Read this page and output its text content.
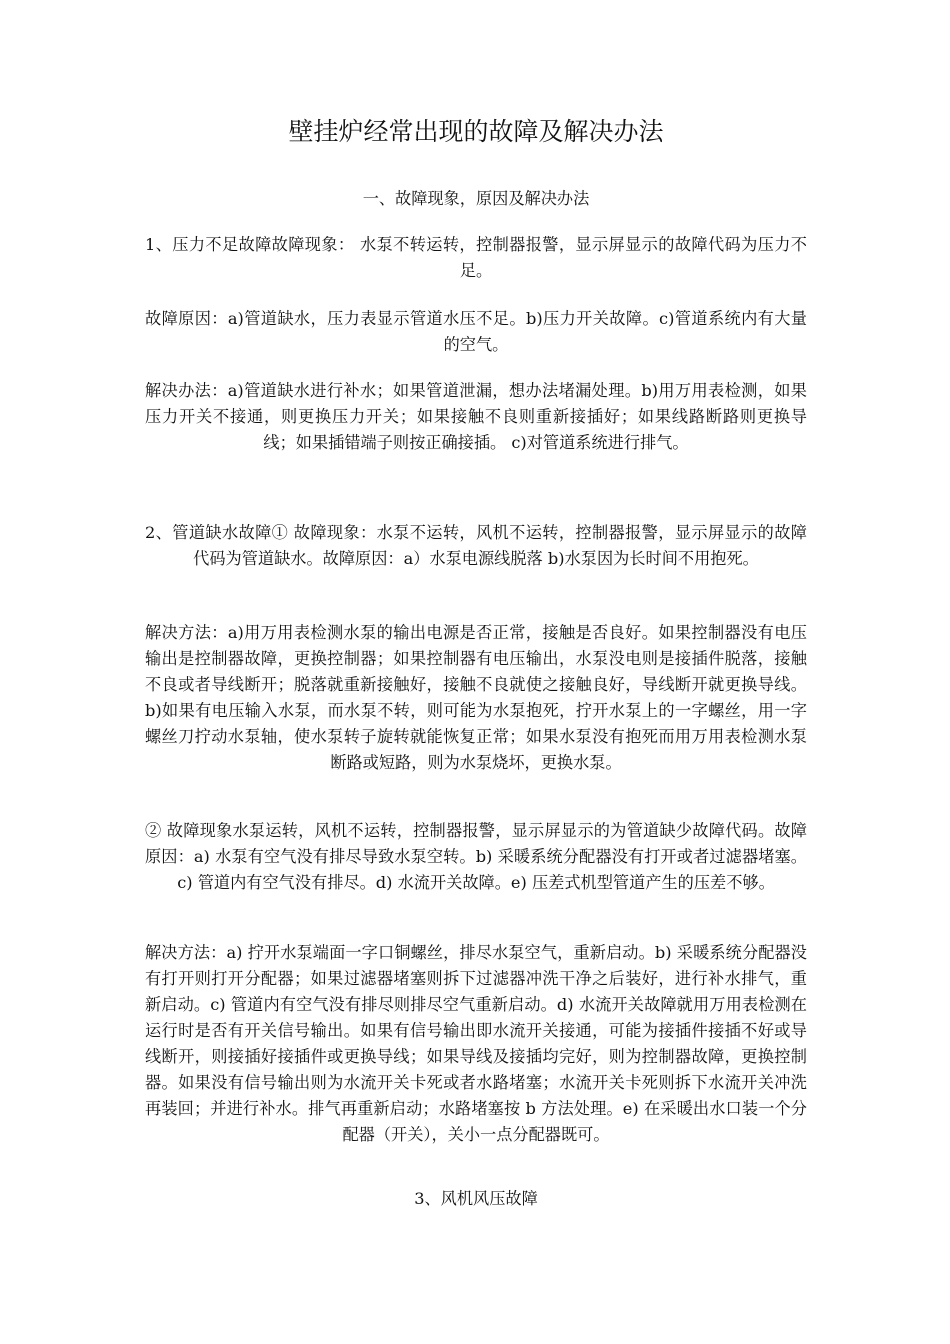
壁挂炉经常出现的故障及解决办法

一、故障现象，原因及解决办法

1、压力不足故障故障现象： 水泵不转运转，控制器报警，显示屏显示的故障代码为压力不足。

故障原因：a)管道缺水，压力表显示管道水压不足。b)压力开关故障。c)管道系统内有大量的空气。

解决办法：a)管道缺水进行补水；如果管道泄漏，想办法堵漏处理。b)用万用表检测，如果压力开关不接通，则更换压力开关；如果接触不良则重新接插好；如果线路断路则更换导线；如果插错端子则按正确接插。 c)对管道系统进行排气。

2、管道缺水故障① 故障现象：水泵不运转，风机不运转，控制器报警，显示屏显示的故障代码为管道缺水。故障原因：a）水泵电源线脱落 b)水泵因为长时间不用抱死。

解决方法：a)用万用表检测水泵的输出电源是否正常，接触是否良好。如果控制器没有电压输出是控制器故障，更换控制器；如果控制器有电压输出，水泵没电则是接插件脱落，接触不良或者导线断开；脱落就重新接触好，接触不良就使之接触良好，导线断开就更换导线。b)如果有电压输入水泵，而水泵不转，则可能为水泵抱死，拧开水泵上的一字螺丝，用一字螺丝刀拧动水泵轴，使水泵转子旋转就能恢复正常；如果水泵没有抱死而用万用表检测水泵断路或短路，则为水泵烧坏，更换水泵。

② 故障现象水泵运转，风机不运转，控制器报警，显示屏显示的为管道缺少故障代码。故障原因：a) 水泵有空气没有排尽导致水泵空转。b) 采暖系统分配器没有打开或者过滤器堵塞。c) 管道内有空气没有排尽。d) 水流开关故障。e) 压差式机型管道产生的压差不够。

解决方法：a) 拧开水泵端面一字口铜螺丝，排尽水泵空气，重新启动。b) 采暖系统分配器没有打开则打开分配器；如果过滤器堵塞则拆下过滤器冲洗干净之后装好，进行补水排气，重新启动。c) 管道内有空气没有排尽则排尽空气重新启动。d) 水流开关故障就用万用表检测在运行时是否有开关信号输出。如果有信号输出即水流开关接通，可能为接插件接插不好或导线断开，则接插好接插件或更换导线；如果导线及接插均完好，则为控制器故障，更换控制器。如果没有信号输出则为水流开关卡死或者水路堵塞；水流开关卡死则拆下水流开关冲洗再装回；并进行补水。排气再重新启动；水路堵塞按 b 方法处理。e) 在采暖出水口装一个分配器（开关），关小一点分配器既可。

3、风机风压故障
